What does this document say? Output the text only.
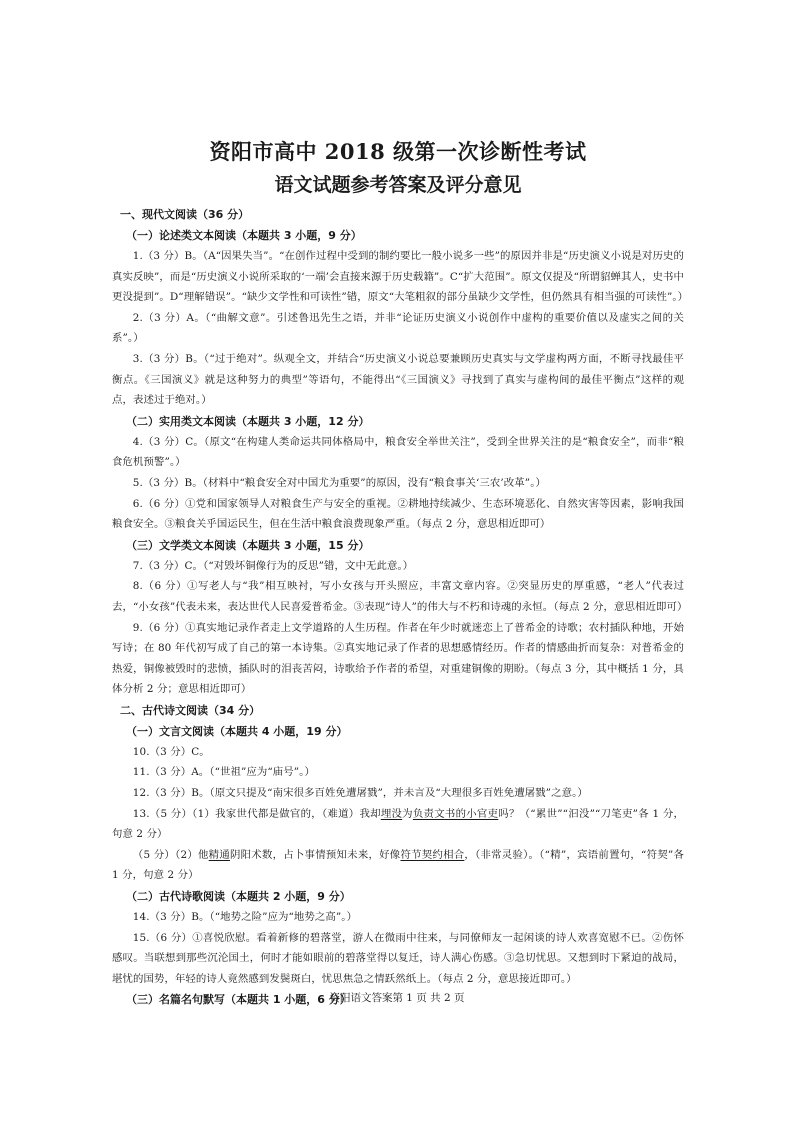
资阳市高中 2018 级第一次诊断性考试
语文试题参考答案及评分意见
一、现代文阅读（36 分）
（一）论述类文本阅读（本题共 3 小题，9 分）

1.（3 分）B。（A“因果失当”。“在创作过程中受到的制约要比一般小说多一些”的原因并非是“历史演义小说是对历史的真实反映”，而是“历史演义小说所采取的‘一端’会直接来源于历史载籍”。C“扩大范围”。原文仅提及“所谓貂蝉其人，史书中更没提到”。D“理解错误”。“缺少文学性和可读性”错，原文“大笔粗叙的部分虽缺少文学性，但仍然具有相当强的可读性”。）

2.（3 分）A。（“曲解文意”。引述鲁迅先生之语，并非“论证历史演义小说创作中虚构的重要价值以及虚实之间的关系”。）

3.（3 分）B。（“过于绝对”。纵观全文，并结合“历史演义小说总要兼顾历史真实与文学虚构两方面，不断寻找最佳平衡点。《三国演义》就是这种努力的典型”等语句，不能得出“《三国演义》寻找到了真实与虚构间的最佳平衡点”这样的观点，表述过于绝对。）

（二）实用类文本阅读（本题共 3 小题，12 分）

4.（3 分）C。（原文“在构建人类命运共同体格局中，粮食安全举世关注”，受到全世界关注的是“粮食安全”，而非“粮食危机预警”。）

5.（3 分）B。（材料中“粮食安全对中国尤为重要”的原因，没有“粮食事关‘三农’改革”。）

6.（6 分）①党和国家领导人对粮食生产与安全的重视。②耕地持续减少、生态环境恶化、自然灾害等因素，影响我国粮食安全。③粮食关乎国运民生，但在生活中粮食浪费现象严重。（每点 2 分，意思相近即可）

（三）文学类文本阅读（本题共 3 小题，15 分）

7.（3 分）C。（“对毁坏铜像行为的反思”错，文中无此意。）

8.（6 分）①写老人与“我”相互映衬，写小女孩与开头照应，丰富文章内容。②突显历史的厚重感，“老人”代表过去，“小女孩”代表未来，表达世代人民喜爱普希金。③表现“诗人”的伟大与不朽和诗魂的永恒。（每点 2 分，意思相近即可）

9.（6 分）①真实地记录作者走上文学道路的人生历程。作者在年少时就迷恋上了普希金的诗歌；农村插队种地，开始写诗；在 80 年代初写成了自己的第一本诗集。②真实地记录了作者的思想感情经历。作者的情感曲折而复杂：对普希金的热爱，铜像被毁时的悲愤，插队时的泪丧苦闷，诗歌给予作者的希望，对重建铜像的期盼。（每点 3 分，其中概括 1 分，具体分析 2 分；意思相近即可）

二、古代诗文阅读（34 分）
（一）文言文阅读（本题共 4 小题，19 分）

10.（3 分）C。

11.（3 分）A。（“世祖”应为“庙号”。）

12.（3 分）B。（原文只提及“南宋很多百姓免遭屠戮”，并未言及“大理很多百姓免遭屠戮”之意。）

13.（5 分）（1）我家世代都是做官的，（难道）我却埋没为负责文书的小官吏吗？（“累世”“汩没”“刀笔吏”各 1 分，句意 2 分）

（5 分）（2）他精通阴阳术数，占卜事情预知未来，好像符节契约相合，（非常灵验）。（“精”，宾语前置句，“符契”各 1 分，句意 2 分）

（二）古代诗歌阅读（本题共 2 小题，9 分）

14.（3 分）B。（“地势之险”应为“地势之高”。）

15.（6 分）①喜悦欣慰。看着新修的碧落堂，游人在微雨中往来，与同僚师友一起闲谈的诗人欢喜宽慰不已。②伤怀感叹。当联想到那些沉沦国土，何时才能如眼前的碧落堂得以复迁，诗人满心伤感。③急切忧思。又想到时下紧迫的战局，堪忧的国势，年轻的诗人竟然感到发鬓斑白，忧思焦急之情跃然纸上。（每点 2 分，意思接近即可。）

（三）名篇名句默写（本题共 1 小题，6 分）
资阳语文答案第 1 页 共 2 页
